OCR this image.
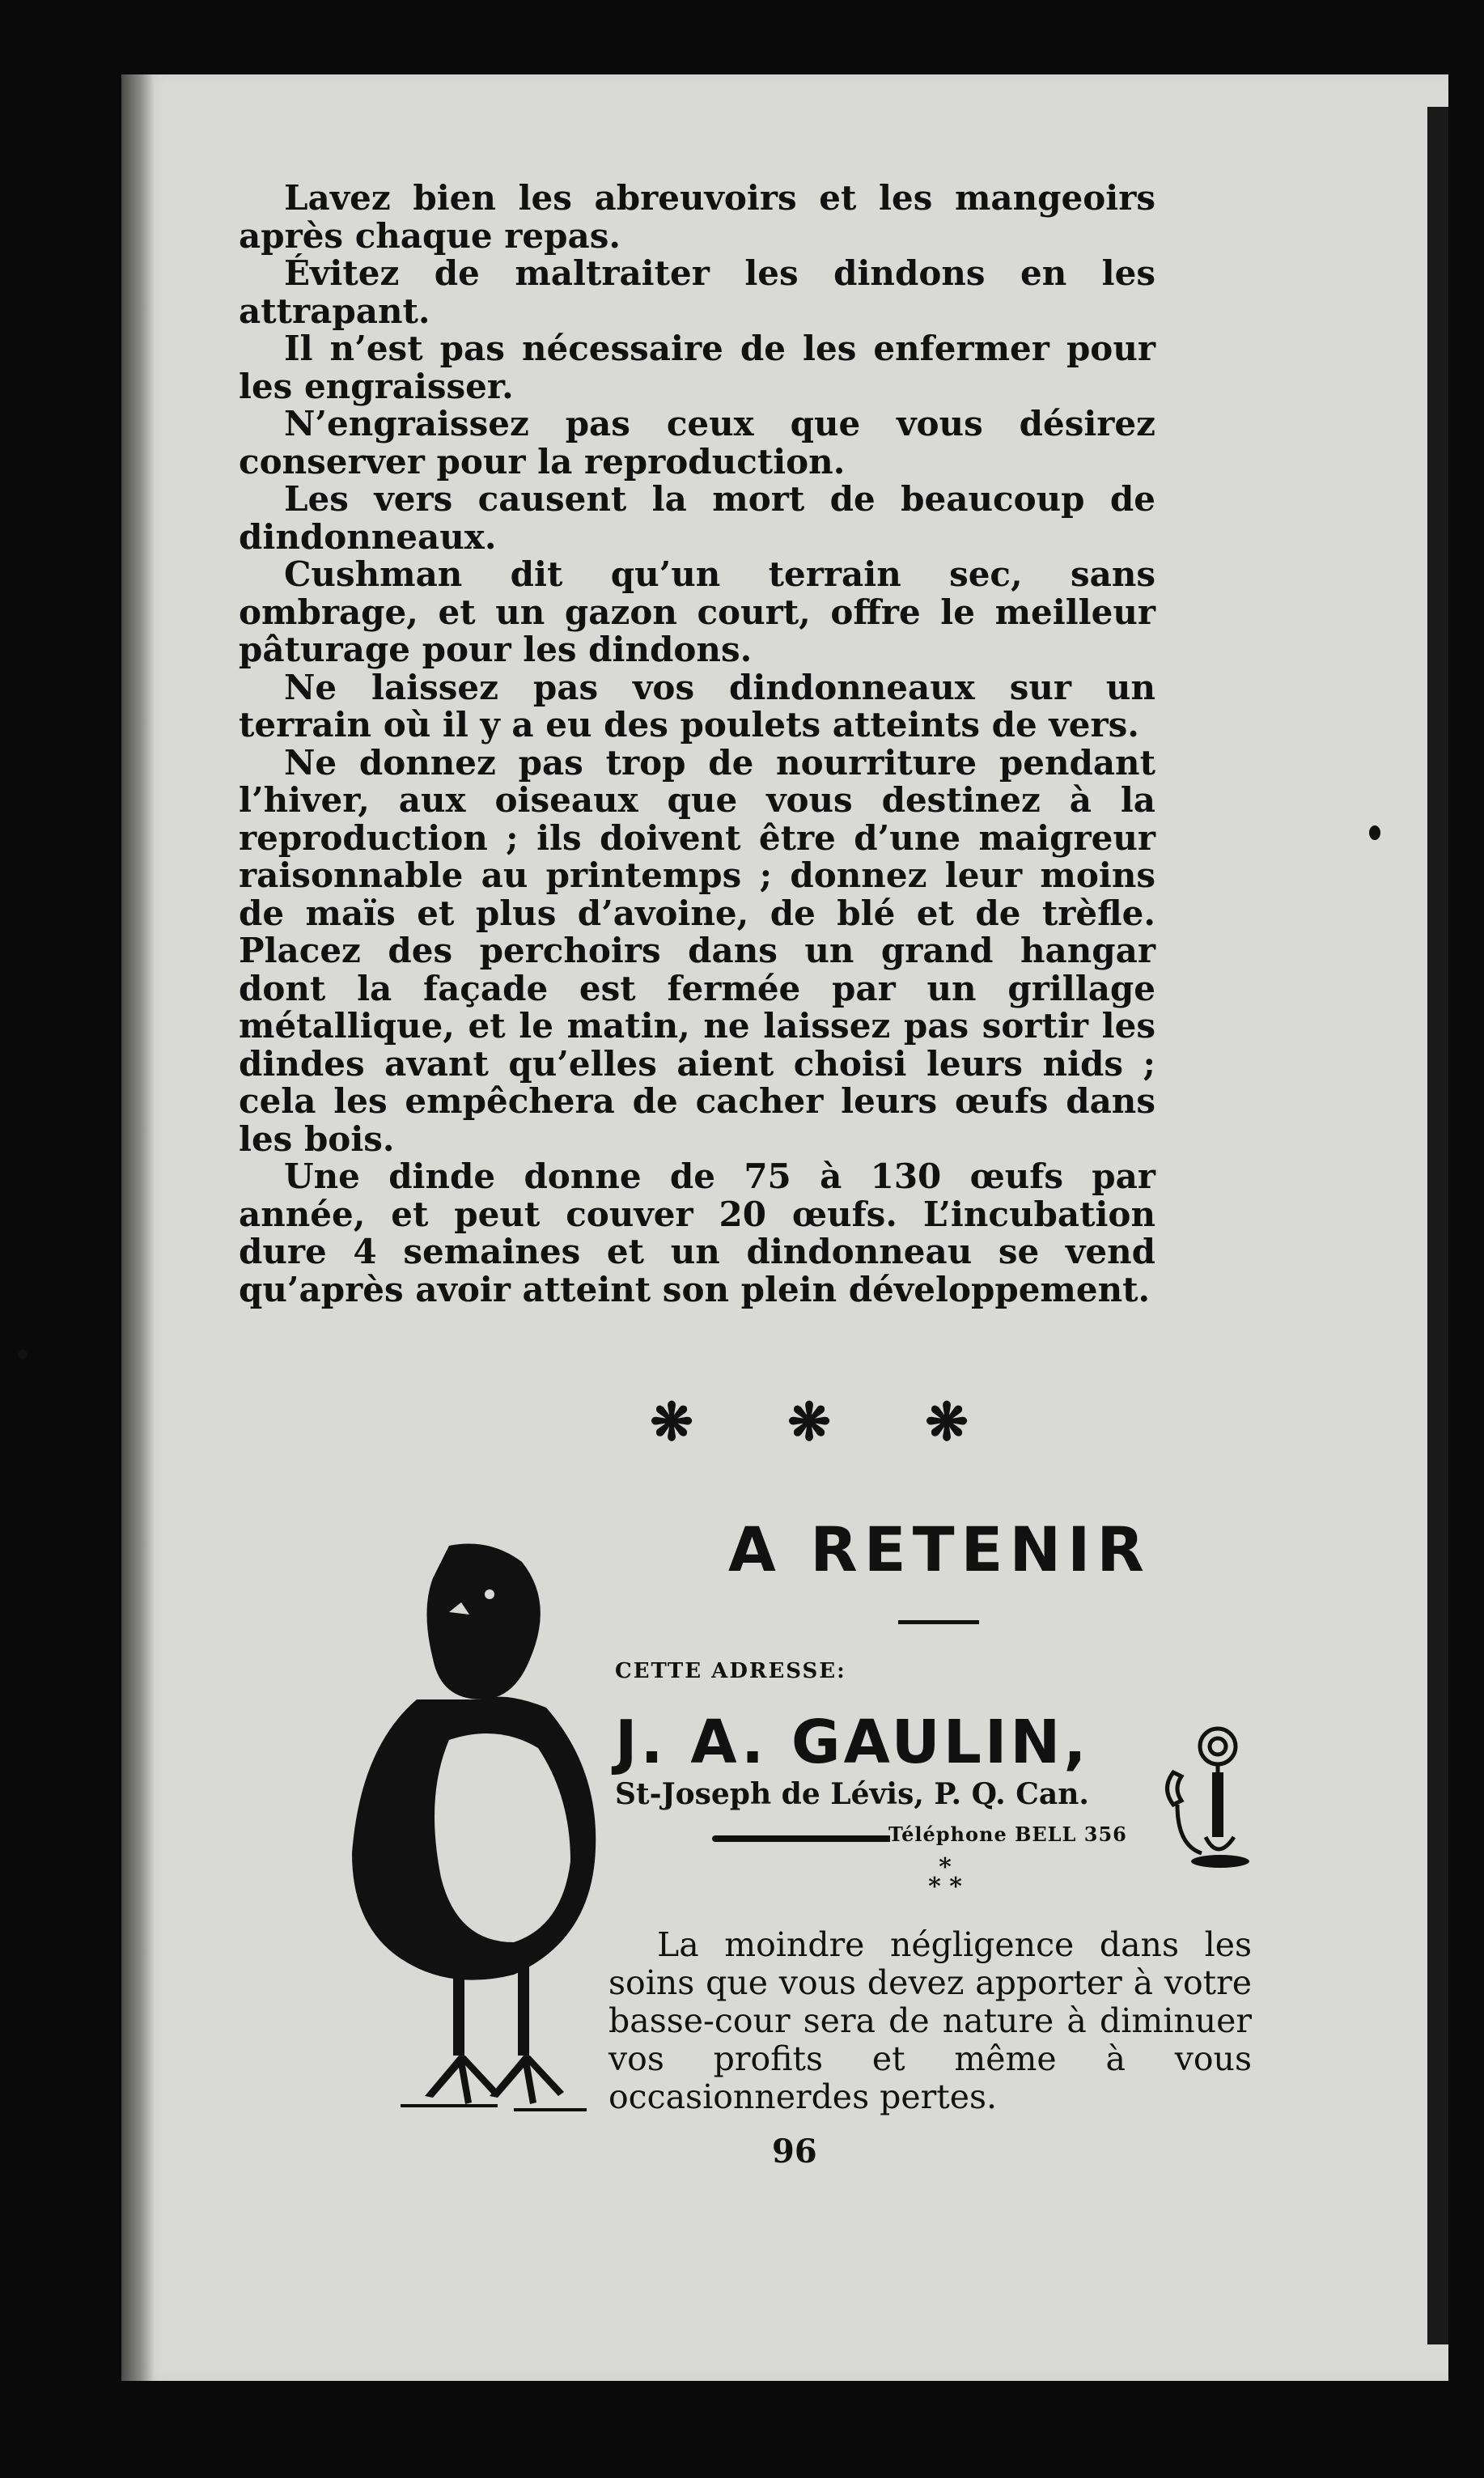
Lavez bien les abreuvoirs et les mangeoirs après chaque repas.

Évitez de maltraiter les dindons en les attrapant.

Il n’est pas nécessaire de les enfermer pour les engraisser.

N’engraissez pas ceux que vous désirez conserver pour la reproduction.

Les vers causent la mort de beaucoup de dindonneaux.

Cushman dit qu’un terrain sec, sans ombrage, et un gazon court, offre le meilleur pâturage pour les dindons.

Ne laissez pas vos dindonneaux sur un terrain où il y a eu des poulets atteints de vers.

Ne donnez pas trop de nourriture pendant l’hiver, aux oiseaux que vous destinez à la reproduction ; ils doivent être d’une maigreur raisonnable au printemps ; donnez leur moins de maïs et plus d’avoine, de blé et de trèfle. Placez des perchoirs dans un grand hangar dont la façade est fermée par un grillage métallique, et le matin, ne laissez pas sortir les dindes avant qu’elles aient choisi leurs nids ; cela les empêchera de cacher leurs œufs dans les bois.

Une dinde donne de 75 à 130 œufs par année, et peut couver 20 œufs. L’incubation dure 4 semaines et un dindonneau se vend qu’après avoir atteint son plein développement.

❋ ❋ ❋
A RETENIR
CETTE ADRESSE:
J. A. GAULIN,
St-Joseph de Lévis, P. Q. Can.
Téléphone BELL 356
*
* *

La moindre négligence dans les soins que vous devez apporter à votre basse-cour sera de nature à diminuer vos profits et même à vous occasionnerdes pertes.

96
